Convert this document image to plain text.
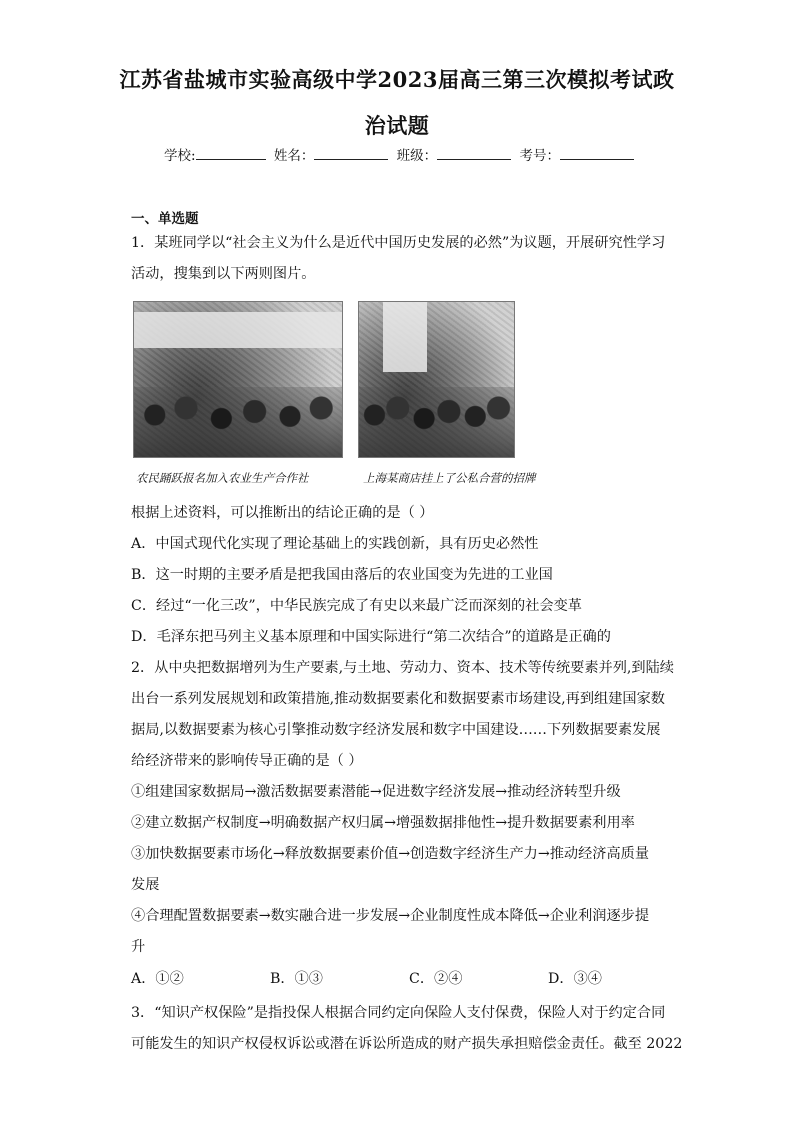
江苏省盐城市实验高级中学2023届高三第三次模拟考试政
治试题
学校:	姓名：	班级：	考号：
一、单选题
1．某班同学以“社会主义为什么是近代中国历史发展的必然”为议题，开展研究性学习
活动，搜集到以下两则图片。
农民踊跃报名加入农业生产合作社	上海某商店挂上了公私合营的招牌
根据上述资料，可以推断出的结论正确的是（ ）
A．中国式现代化实现了理论基础上的实践创新，具有历史必然性
B．这一时期的主要矛盾是把我国由落后的农业国变为先进的工业国
C．经过“一化三改”，中华民族完成了有史以来最广泛而深刻的社会变革
D．毛泽东把马列主义基本原理和中国实际进行“第二次结合”的道路是正确的
2．从中央把数据增列为生产要素,与土地、劳动力、资本、技术等传统要素并列,到陆续
出台一系列发展规划和政策措施,推动数据要素化和数据要素市场建设,再到组建国家数
据局,以数据要素为核心引擎推动数字经济发展和数字中国建设……下列数据要素发展
给经济带来的影响传导正确的是（ ）
①组建国家数据局→激活数据要素潜能→促进数字经济发展→推动经济转型升级
②建立数据产权制度→明确数据产权归属→增强数据排他性→提升数据要素利用率
③加快数据要素市场化→释放数据要素价值→创造数字经济生产力→推动经济高质量
发展
④合理配置数据要素→数实融合进一步发展→企业制度性成本降低→企业利润逐步提
升
A．①②	B．①③	C．②④	D．③④
3．“知识产权保险”是指投保人根据合同约定向保险人支付保费，保险人对于约定合同
可能发生的知识产权侵权诉讼或潜在诉讼所造成的财产损失承担赔偿金责任。截至 2022
